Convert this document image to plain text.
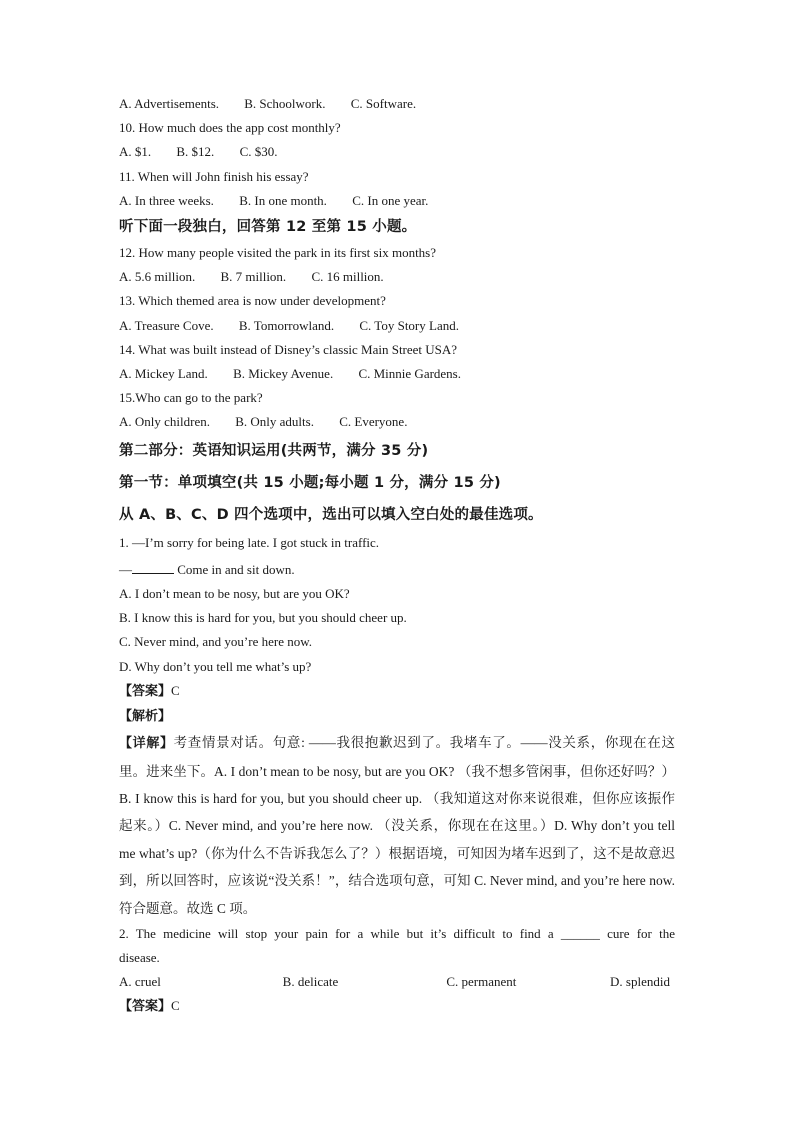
A. Advertisements. B. Schoolwork. C. Software.
10. How much does the app cost monthly?
A. $1. B. $12. C. $30.
11. When will John finish his essay?
A. In three weeks. B. In one month. C. In one year.
听下面一段独白，回答第 12 至第 15 小题。
12. How many people visited the park in its first six months?
A. 5.6 million. B. 7 million. C. 16 million.
13. Which themed area is now under development?
A. Treasure Cove. B. Tomorrowland. C. Toy Story Land.
14. What was built instead of Disney’s classic Main Street USA?
A. Mickey Land. B. Mickey Avenue. C. Minnie Gardens.
15.Who can go to the park?
A. Only children. B. Only adults. C. Everyone.
第二部分：英语知识运用(共两节，满分 35 分)
第一节：单项填空(共 15 小题;每小题 1 分，满分 15 分)
从 A、B、C、D 四个选项中，选出可以填入空白处的最佳选项。
1. —I’m sorry for being late. I got stuck in traffic.
—	Come in and sit down.
A. I don’t mean to be nosy, but are you OK?
B. I know this is hard for you, but you should cheer up.
C. Never mind, and you’re here now.
D. Why don’t you tell me what’s up?
【答案】C
【解析】
【详解】考查情景对话。句意: ——我很抱歉迟到了。我堵车了。——没关系，你现在在这里。进来坐下。A. I don’t mean to be nosy, but are you OK? （我不想多管闲事，但你还好吗？）B. I know this is hard for you, but you should cheer up. （我知道这对你来说很难，但你应该振作起来。）C. Never mind, and you’re here now. （没关系，你现在在这里。）D. Why don’t you tell me what’s up?（你为什么不告诉我怎么了？）根据语境，可知因为堵车迟到了，这不是故意迟到，所以回答时，应该说“没关系！”，结合选项句意，可知 C. Never mind, and you’re here now.符合题意。故选 C 项。
2. The medicine will stop your pain for a while but it’s difficult to find a ______ cure for the disease.
A. cruel	B. delicate	C. permanent	D. splendid
【答案】C
